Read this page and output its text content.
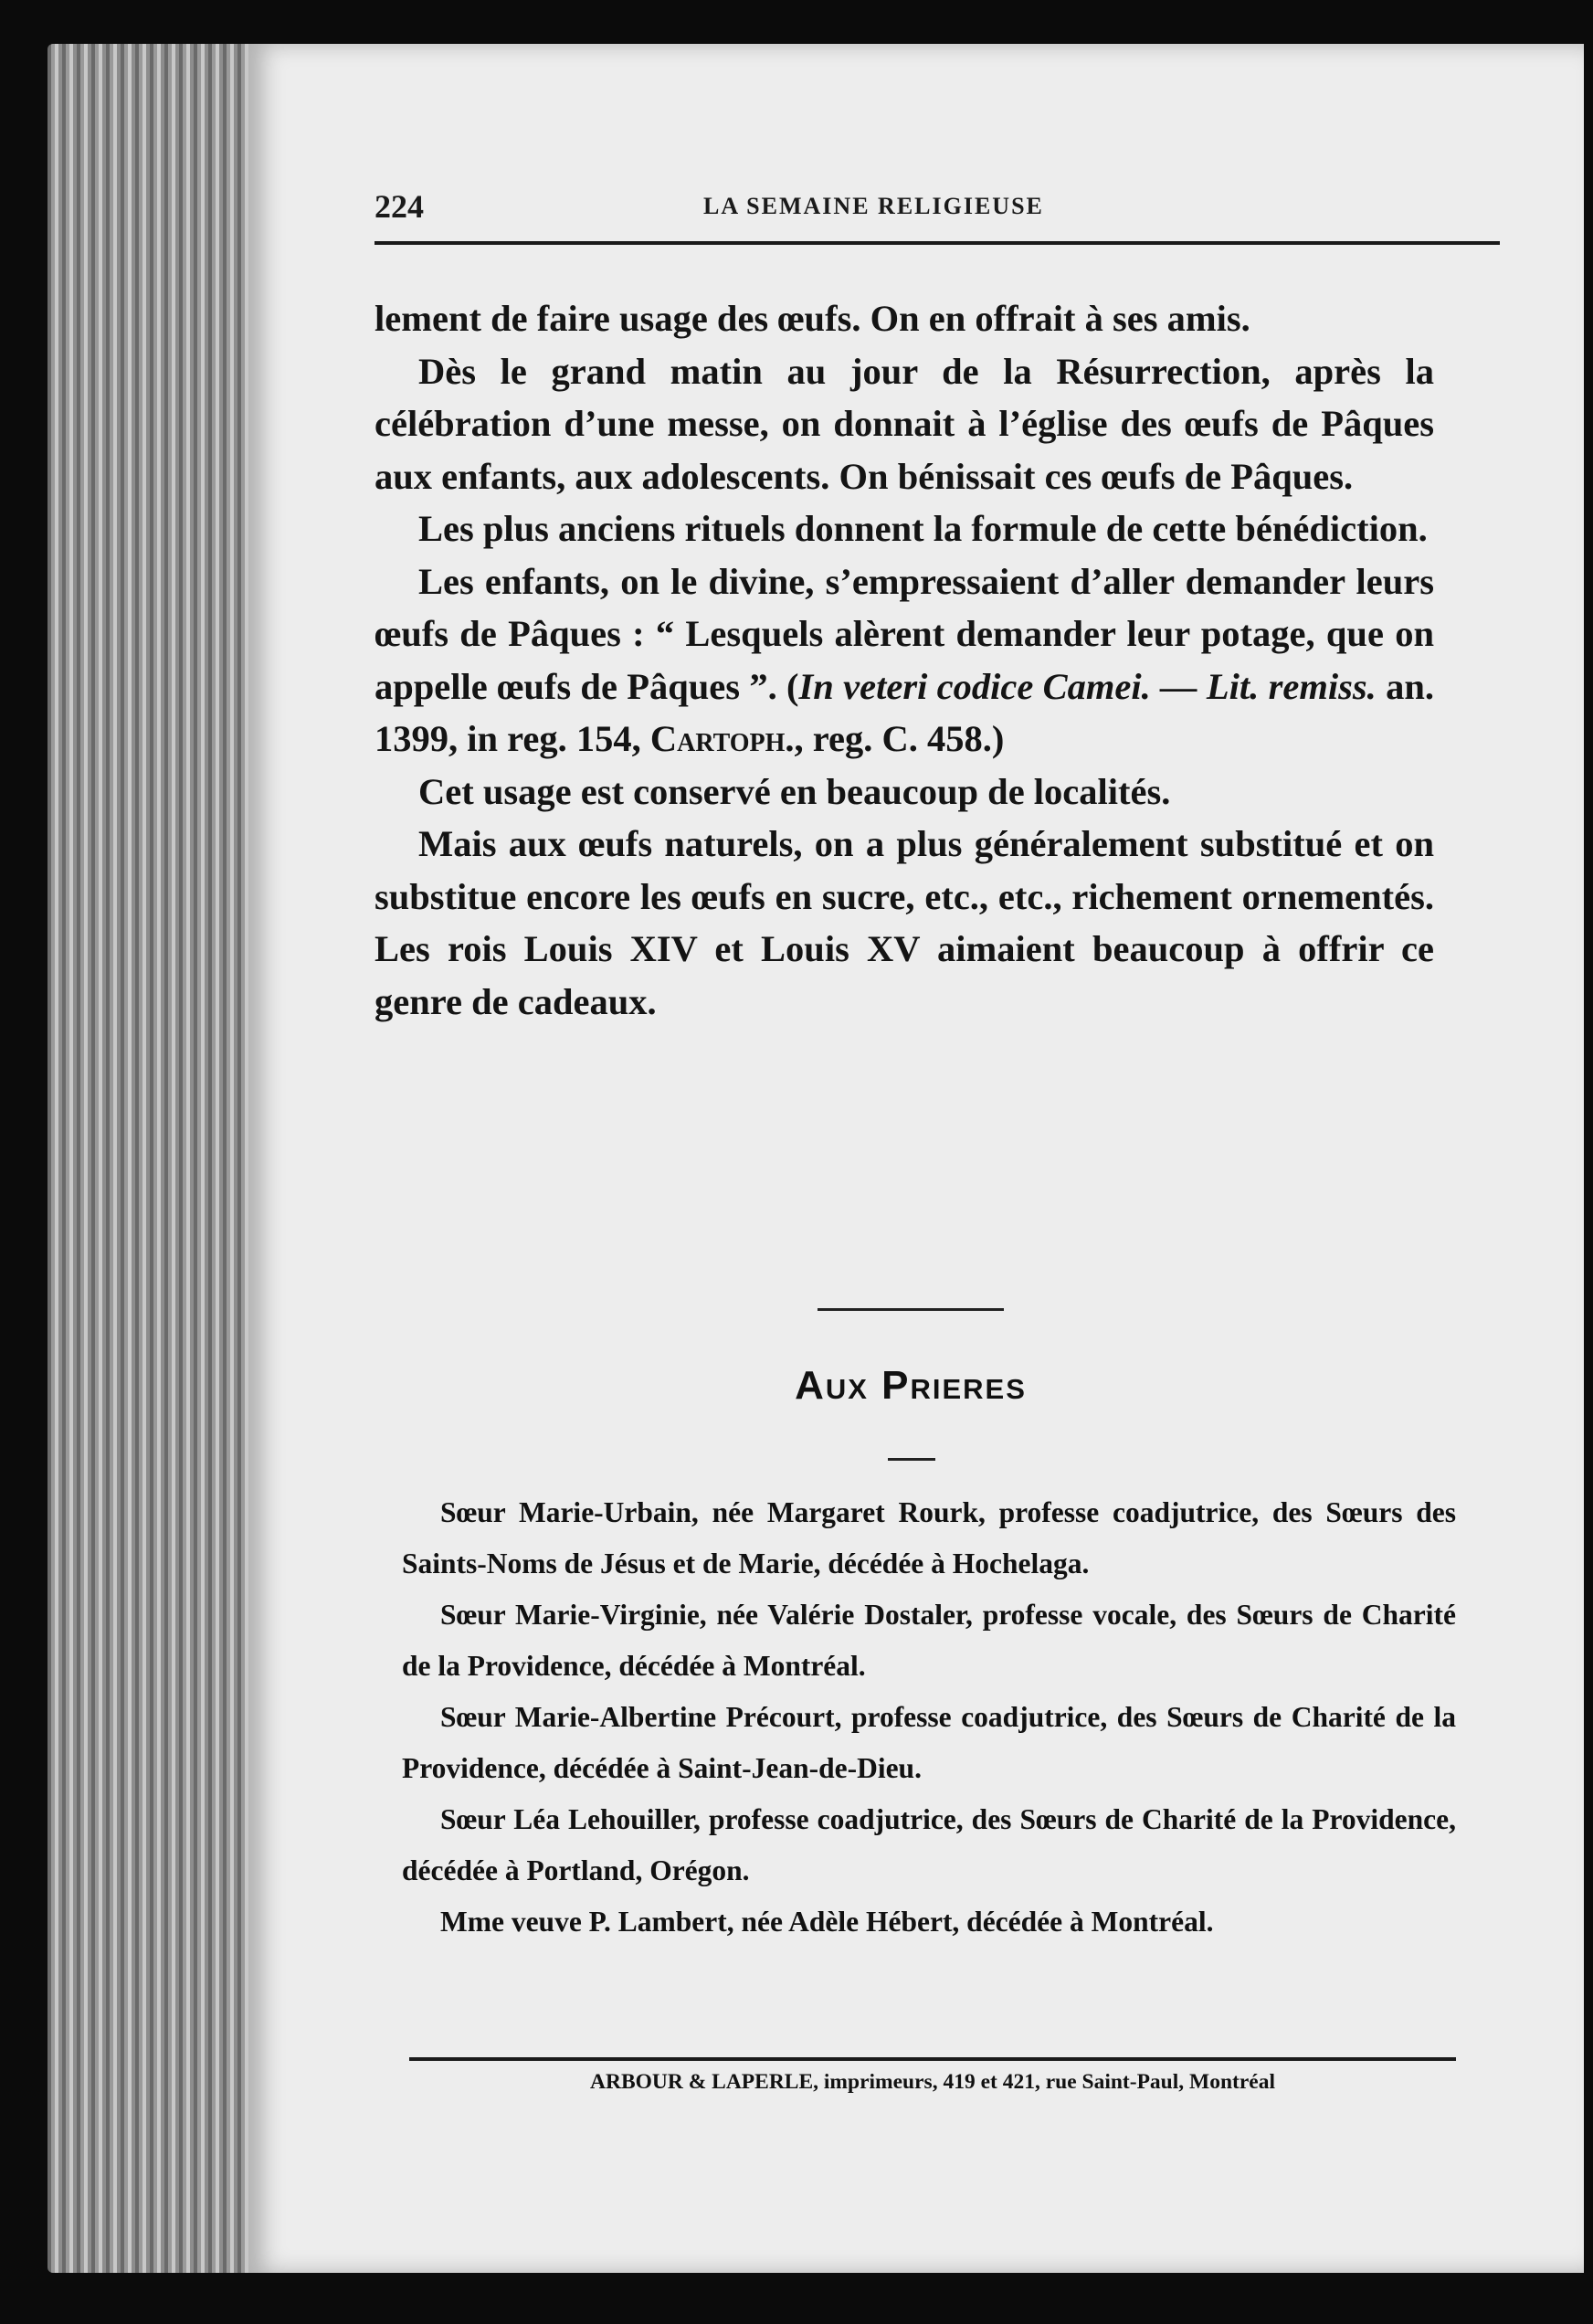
224	LA SEMAINE RELIGIEUSE

lement de faire usage des œufs. On en offrait à ses amis.

Dès le grand matin au jour de la Résurrection, après la célébration d’une messe, on donnait à l’église des œufs de Pâques aux enfants, aux adolescents. On bénissait ces œufs de Pâques.

Les plus anciens rituels donnent la formule de cette bénédiction.

Les enfants, on le divine, s’empressaient d’aller demander leurs œufs de Pâques : “ Lesquels alèrent demander leur potage, que on appelle œufs de Pâques ”. (In veteri codice Camei. — Lit. remiss. an. 1399, in reg. 154, Cartoph., reg. C. 458.)

Cet usage est conservé en beaucoup de localités.

Mais aux œufs naturels, on a plus généralement substitué et on substitue encore les œufs en sucre, etc., etc., richement ornementés. Les rois Louis XIV et Louis XV aimaient beaucoup à offrir ce genre de cadeaux.

Aux Prieres

Sœur Marie-Urbain, née Margaret Rourk, professe coadjutrice, des Sœurs des Saints-Noms de Jésus et de Marie, décédée à Hochelaga.

Sœur Marie-Virginie, née Valérie Dostaler, professe vocale, des Sœurs de Charité de la Providence, décédée à Montréal.

Sœur Marie-Albertine Précourt, professe coadjutrice, des Sœurs de Charité de la Providence, décédée à Saint-Jean-de-Dieu.

Sœur Léa Lehouiller, professe coadjutrice, des Sœurs de Charité de la Providence, décédée à Portland, Orégon.

Mme veuve P. Lambert, née Adèle Hébert, décédée à Montréal.

ARBOUR & LAPERLE, imprimeurs, 419 et 421, rue Saint-Paul, Montréal
